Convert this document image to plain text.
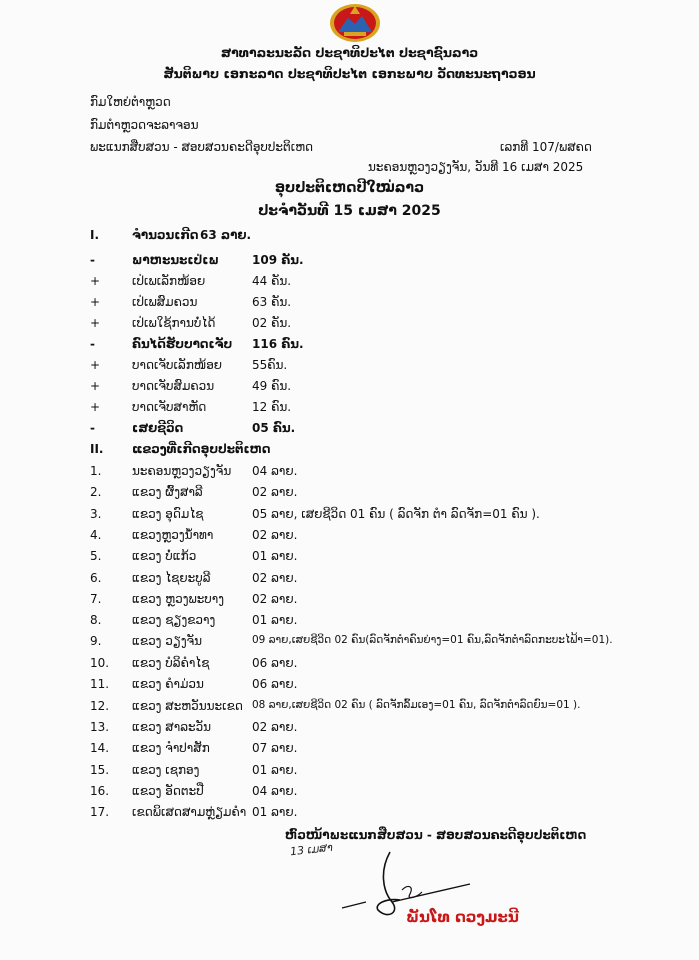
ສາທາລະນະລັດ ປະຊາທິປະໄຕ ປະຊາຊົນລາວ
ສັນຕິພາບ ເອກະລາດ ປະຊາທິປະໄຕ ເອກະພາບ ວັດທະນະຖາວອນ
ກົມໃຫຍ່ຕຳຫຼວດ
ກົມຕຳຫຼວດຈະລາຈອນ
ພະແນກສືບສວນ - ສອບສວນຄະດີອຸບປະຕິເຫດ	ເລກທີ 107/ພສຄດ
ນະຄອນຫຼວງວຽງຈັນ, ວັນທີ 16 ເມສາ 2025
ອຸບປະຕິເຫດປີໃໝ່ລາວ
ປະຈຳວັນທີ 15 ເມສາ 2025
I.	ຈຳນວນເກີດ 63 ລາຍ.
-	ພາຫະນະເປ່ເພ	109 ຄັນ.
+	ເປ່ເພເລັກໜ້ອຍ	44 ຄັນ.
+	ເປ່ເພສົມຄວນ	63 ຄັນ.
+	ເປ່ເພໃຊ້ການບໍ່ໄດ້	02 ຄັນ.
-	ຄົນໄດ້ຮັບບາດເຈັບ 116 ຄົນ.
+	ບາດເຈັບເລັກໜ້ອຍ 55ຄົນ.
+	ບາດເຈັບສົມຄວນ	49 ຄົນ.
+	ບາດເຈັບສາຫັດ	12 ຄົນ.
-	ເສຍຊີວິດ	05 ຄົນ.
II.	ແຂວງທີ່ເກີດອຸບປະຕິເຫດ
1.	ນະຄອນຫຼວງວຽງຈັນ 04 ລາຍ.
2.	ແຂວງ ຜົ້ງສາລີ	02 ລາຍ.
3.	ແຂວງ ອຸດົມໄຊ	05 ລາຍ, ເສຍຊີວິດ 01 ຄົນ ( ລົດຈັກ ຕຳ ລົດຈັກ=01 ຄົນ ).
4.	ແຂວງຫຼວງນ້ຳທາ	02 ລາຍ.
5.	ແຂວງ ບໍ່ແກ້ວ	01 ລາຍ.
6.	ແຂວງ ໄຊຍະບູລີ	02 ລາຍ.
7.	ແຂວງ ຫຼວງພະບາງ 02 ລາຍ.
8.	ແຂວງ ຊຽງຂວາງ	01 ລາຍ.
9.	ແຂວງ ວຽງຈັນ	09 ລາຍ,ເສຍຊີວິດ 02 ຄົນ(ລົດຈັກຕຳຄົນຍ່າງ=01 ຄົນ,ລົດຈັກຕຳລົດກະບະໄຟ້າ=01).
10.	ແຂວງ ບໍລິຄຳໄຊ	06 ລາຍ.
11.	ແຂວງ ຄຳມ່ວນ	06 ລາຍ.
12.	ແຂວງ ສະຫວັນນະເຂດ 08 ລາຍ,ເສຍຊີວິດ 02 ຄົນ ( ລົດຈັກລົ້ມເອງ=01 ຄົນ, ລົດຈັກຕຳລົດຍົນ=01 ).
13.	ແຂວງ ສາລະວັນ	02 ລາຍ.
14.	ແຂວງ ຈຳປາສັກ	07 ລາຍ.
15.	ແຂວງ ເຊກອງ	01 ລາຍ.
16.	ແຂວງ ອັດຕະປື	04 ລາຍ.
17.	ເຂດພິເສດສາມຫຼ່ຽມຄຳ 01 ລາຍ.
ຫົວໜ້າພະແນກສືບສວນ - ສອບສວນຄະດີອຸບປະຕິເຫດ
13 ເມສາ
ພັນໂທ ດວງມະນີ
